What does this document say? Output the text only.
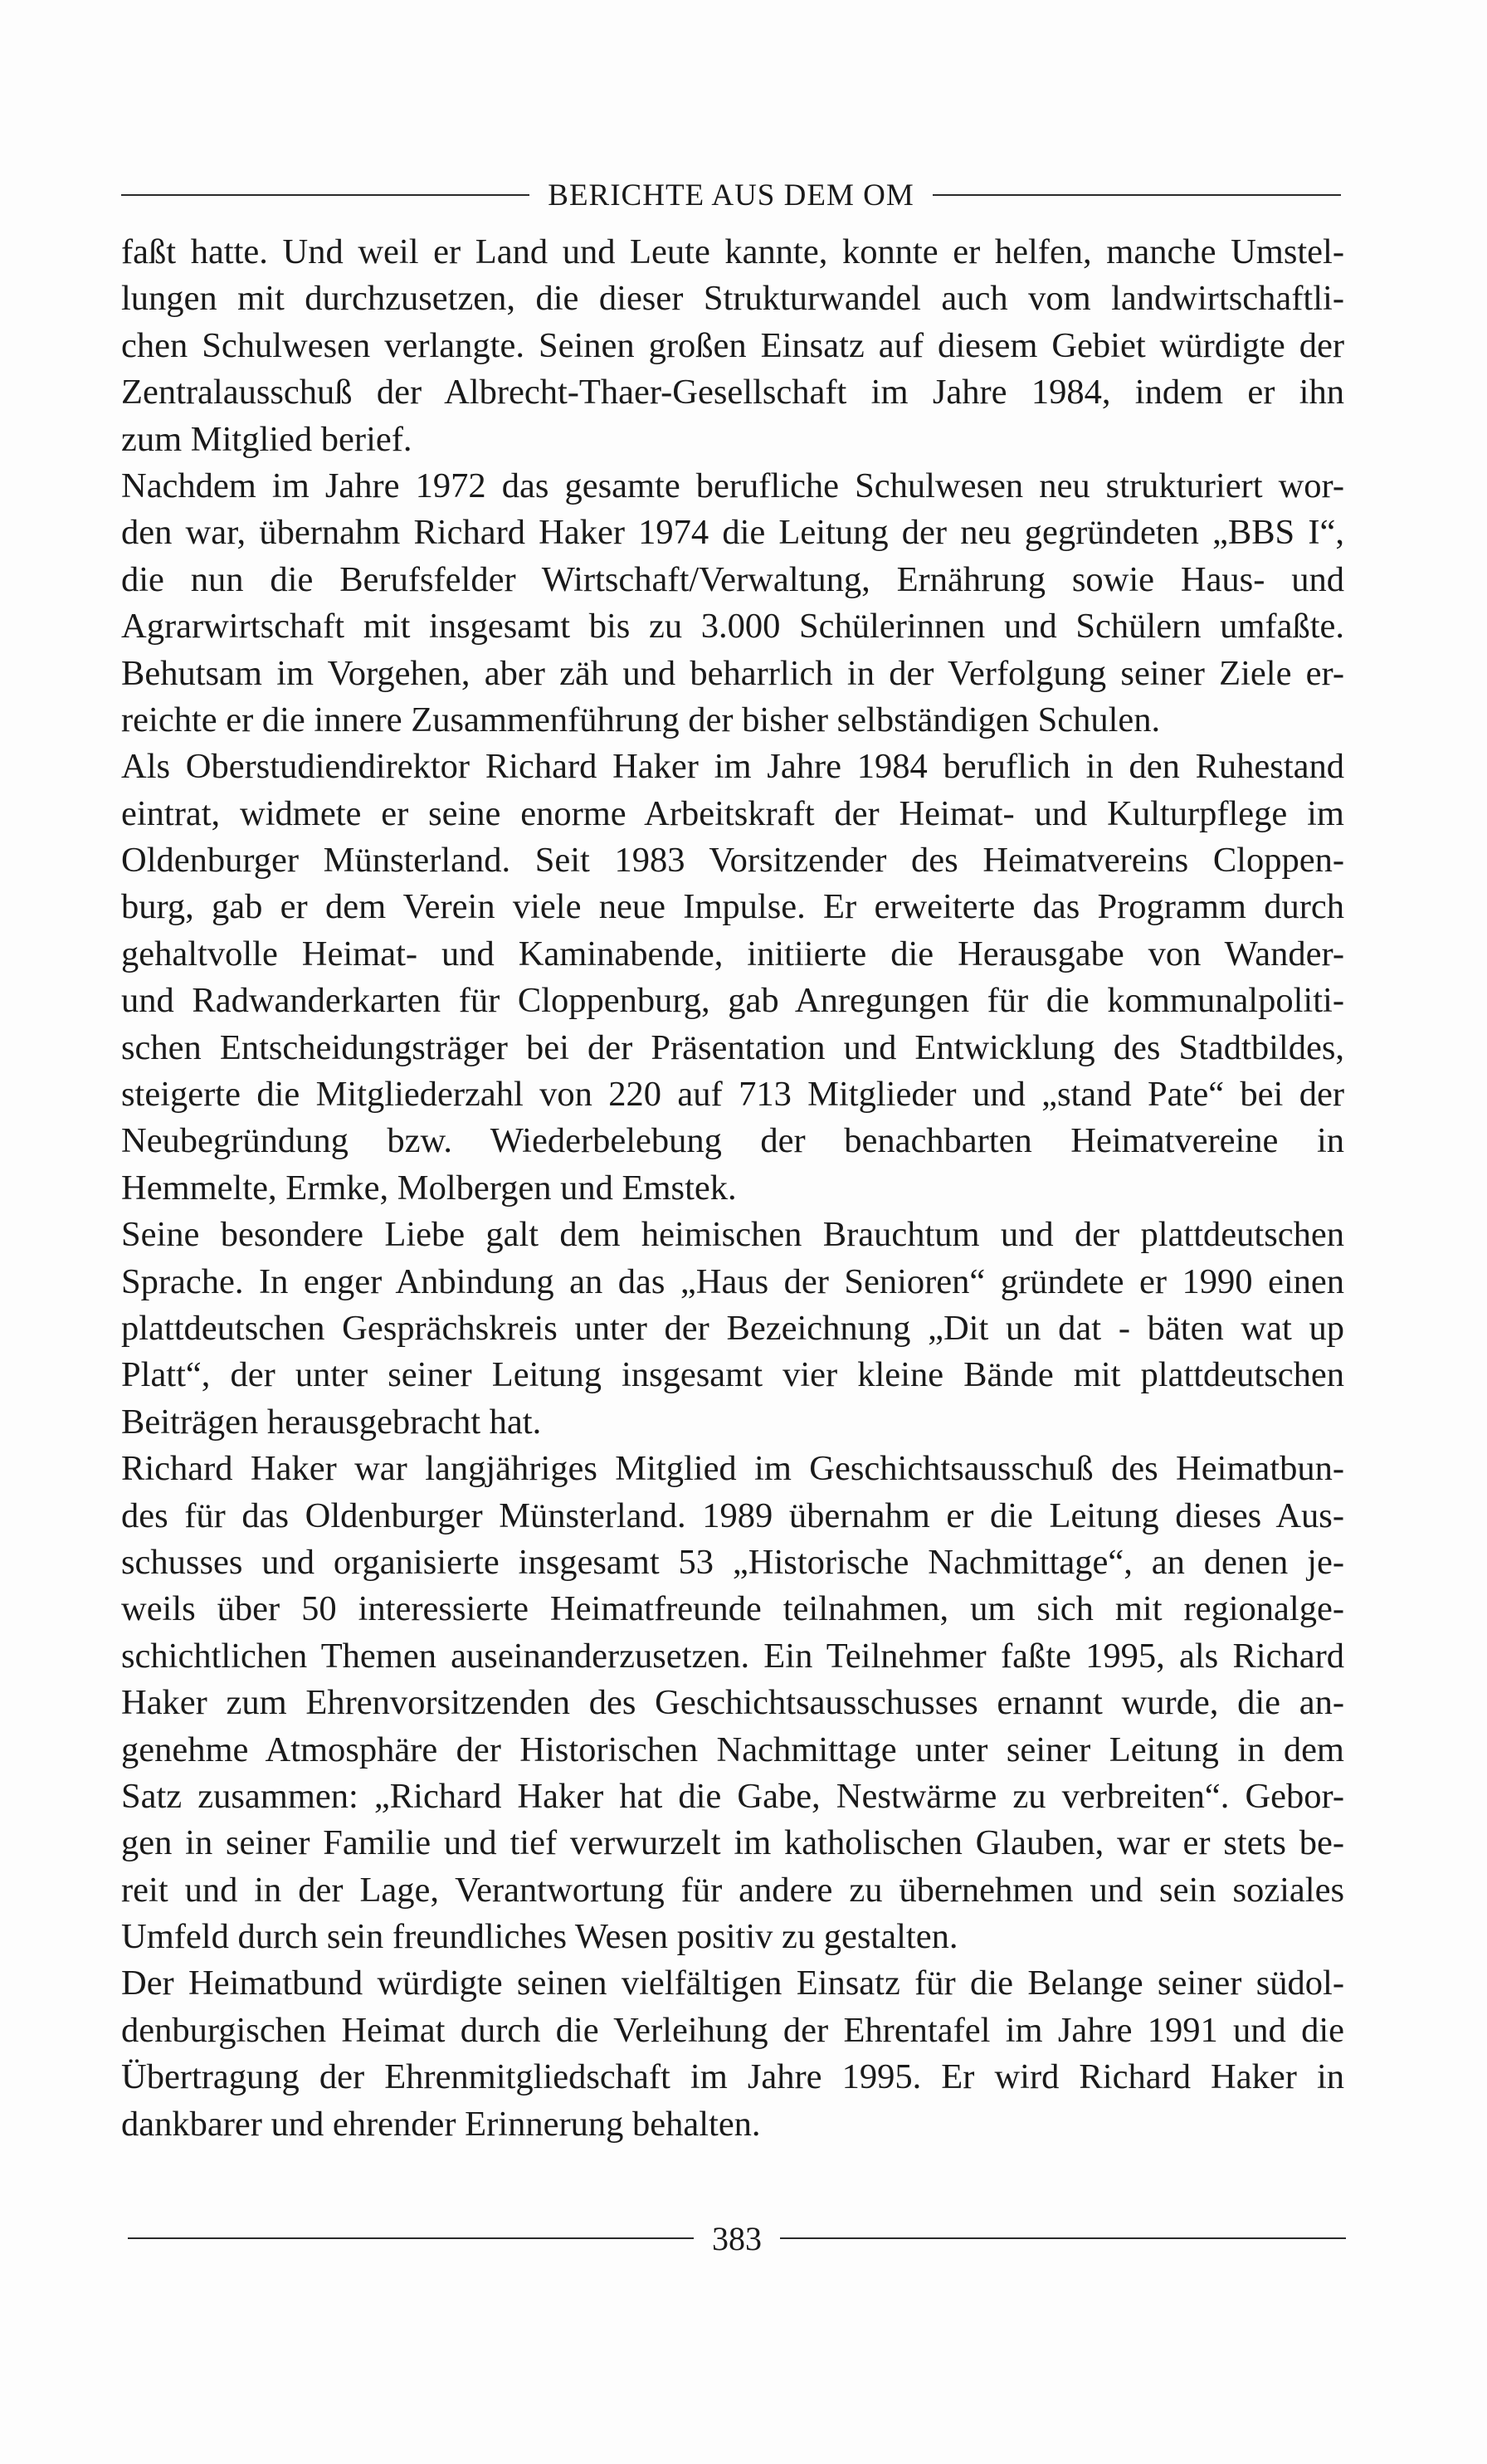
BERICHTE AUS DEM OM
faßt hatte. Und weil er Land und Leute kannte, konnte er helfen, manche Umstel-
lungen mit durchzusetzen, die dieser Strukturwandel auch vom landwirtschaftli-
chen Schulwesen verlangte. Seinen großen Einsatz auf diesem Gebiet würdigte der
Zentralausschuß der Albrecht-Thaer-Gesellschaft im Jahre 1984, indem er ihn
zum Mitglied berief.
Nachdem im Jahre 1972 das gesamte berufliche Schulwesen neu strukturiert wor-
den war, übernahm Richard Haker 1974 die Leitung der neu gegründeten „BBS I“,
die nun die Berufsfelder Wirtschaft/Verwaltung, Ernährung sowie Haus- und
Agrarwirtschaft mit insgesamt bis zu 3.000 Schülerinnen und Schülern umfaßte.
Behutsam im Vorgehen, aber zäh und beharrlich in der Verfolgung seiner Ziele er-
reichte er die innere Zusammenführung der bisher selbständigen Schulen.
Als Oberstudiendirektor Richard Haker im Jahre 1984 beruflich in den Ruhestand
eintrat, widmete er seine enorme Arbeitskraft der Heimat- und Kulturpflege im
Oldenburger Münsterland. Seit 1983 Vorsitzender des Heimatvereins Cloppen-
burg, gab er dem Verein viele neue Impulse. Er erweiterte das Programm durch
gehaltvolle Heimat- und Kaminabende, initiierte die Herausgabe von Wander-
und Radwanderkarten für Cloppenburg, gab Anregungen für die kommunalpoliti-
schen Entscheidungsträger bei der Präsentation und Entwicklung des Stadtbildes,
steigerte die Mitgliederzahl von 220 auf 713 Mitglieder und „stand Pate“ bei der
Neubegründung bzw. Wiederbelebung der benachbarten Heimatvereine in
Hemmelte, Ermke, Molbergen und Emstek.
Seine besondere Liebe galt dem heimischen Brauchtum und der plattdeutschen
Sprache. In enger Anbindung an das „Haus der Senioren“ gründete er 1990 einen
plattdeutschen Gesprächskreis unter der Bezeichnung „Dit un dat - bäten wat up
Platt“, der unter seiner Leitung insgesamt vier kleine Bände mit plattdeutschen
Beiträgen herausgebracht hat.
Richard Haker war langjähriges Mitglied im Geschichtsausschuß des Heimatbun-
des für das Oldenburger Münsterland. 1989 übernahm er die Leitung dieses Aus-
schusses und organisierte insgesamt 53 „Historische Nachmittage“, an denen je-
weils über 50 interessierte Heimatfreunde teilnahmen, um sich mit regionalge-
schichtlichen Themen auseinanderzusetzen. Ein Teilnehmer faßte 1995, als Richard
Haker zum Ehrenvorsitzenden des Geschichtsausschusses ernannt wurde, die an-
genehme Atmosphäre der Historischen Nachmittage unter seiner Leitung in dem
Satz zusammen: „Richard Haker hat die Gabe, Nestwärme zu verbreiten“. Gebor-
gen in seiner Familie und tief verwurzelt im katholischen Glauben, war er stets be-
reit und in der Lage, Verantwortung für andere zu übernehmen und sein soziales
Umfeld durch sein freundliches Wesen positiv zu gestalten.
Der Heimatbund würdigte seinen vielfältigen Einsatz für die Belange seiner südol-
denburgischen Heimat durch die Verleihung der Ehrentafel im Jahre 1991 und die
Übertragung der Ehrenmitgliedschaft im Jahre 1995. Er wird Richard Haker in
dankbarer und ehrender Erinnerung behalten.
383
